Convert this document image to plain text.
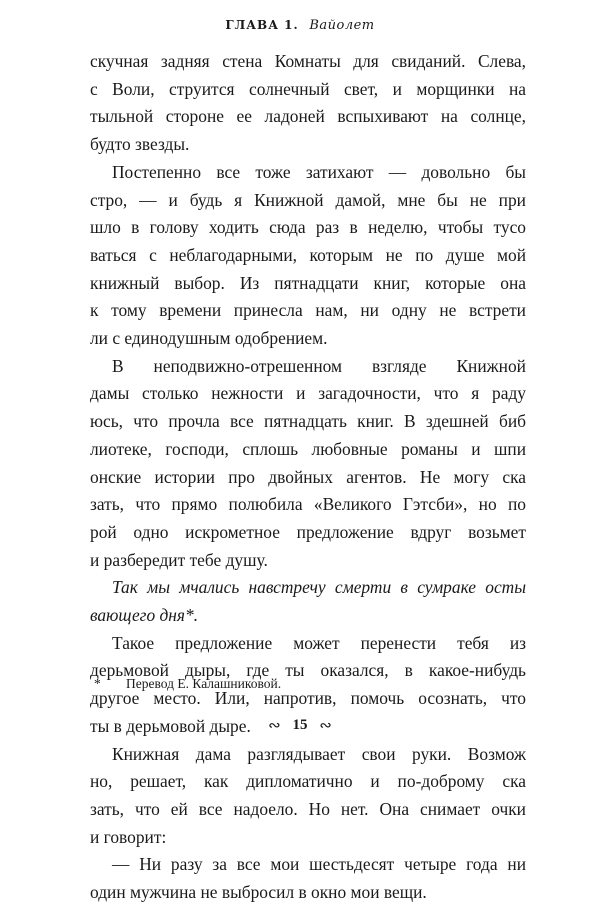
ГЛАВА 1. Вайолет
скучная задняя стена Комнаты для свиданий. Слева,
с Воли, струится солнечный свет, и морщинки на
тыльной стороне ее ладоней вспыхивают на солнце,
будто звезды.
Постепенно все тоже затихают — довольно бы
стро, — и будь я Книжной дамой, мне бы не при
шло в голову ходить сюда раз в неделю, чтобы тусо
ваться с неблагодарными, которым не по душе мой
книжный выбор. Из пятнадцати книг, которые она
к тому времени принесла нам, ни одну не встрети
ли с единодушным одобрением.
В неподвижно-отрешенном взгляде Книжной
дамы столько нежности и загадочности, что я раду
юсь, что прочла все пятнадцать книг. В здешней биб
лиотеке, господи, сплошь любовные романы и шпи
онские истории про двойных агентов. Не могу ска
зать, что прямо полюбила «Великого Гэтсби», но по
рой одно искрометное предложение вдруг возьмет
и разбередит тебе душу.
Так мы мчались навстречу смерти в сумраке осты
вающего дня*.
Такое предложение может перенести тебя из
дерьмовой дыры, где ты оказался, в какое-нибудь
другое место. Или, напротив, помочь осознать, что
ты в дерьмовой дыре.
Книжная дама разглядывает свои руки. Возмож
но, решает, как дипломатично и по-доброму ска
зать, что ей все надоело. Но нет. Она снимает очки
и говорит:
— Ни разу за все мои шестьдесят четыре года ни
один мужчина не выбросил в окно мои вещи.
* Перевод Е. Калашниковой.
∾ 15 ∾
